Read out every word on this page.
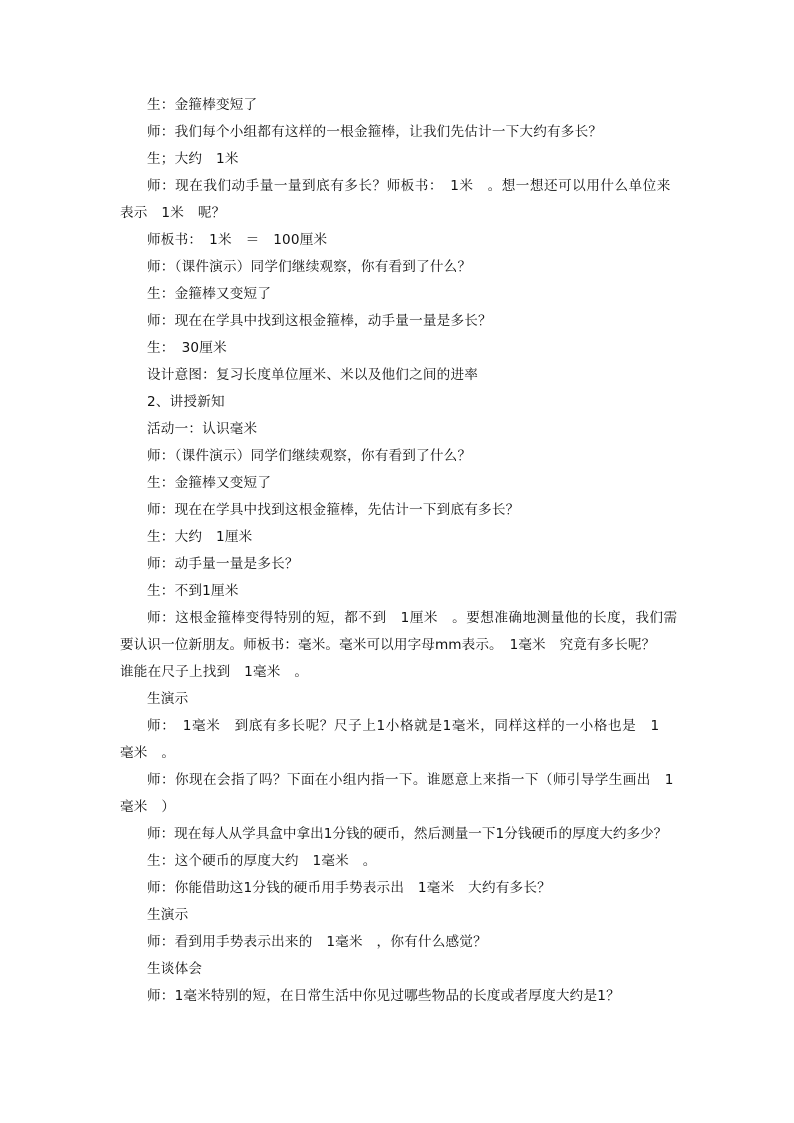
生：金箍棒变短了
师：我们每个小组都有这样的一根金箍棒，让我们先估计一下大约有多长？
生；大约　1米
师：现在我们动手量一量到底有多长？师板书：　1米　。想一想还可以用什么单位来
表示　1米　呢？
师板书：　1米　＝　100厘米
师：（课件演示）同学们继续观察，你有看到了什么？
生：金箍棒又变短了
师：现在在学具中找到这根金箍棒，动手量一量是多长？
生：　30厘米
设计意图：复习长度单位厘米、米以及他们之间的进率
2、讲授新知
活动一：认识毫米
师：（课件演示）同学们继续观察，你有看到了什么？
生：金箍棒又变短了
师：现在在学具中找到这根金箍棒，先估计一下到底有多长？
生：大约　1厘米
师：动手量一量是多长？
生：不到1厘米
师：这根金箍棒变得特别的短，都不到　1厘米　。要想准确地测量他的长度，我们需
要认识一位新朋友。师板书：毫米。毫米可以用字母mm表示。　1毫米　究竟有多长呢？
谁能在尺子上找到　1毫米　。
生演示
师：　1毫米　到底有多长呢？尺子上1小格就是1毫米，同样这样的一小格也是　1
毫米　。
师：你现在会指了吗？下面在小组内指一下。谁愿意上来指一下（师引导学生画出　1
毫米　）
师：现在每人从学具盒中拿出1分钱的硬币，然后测量一下1分钱硬币的厚度大约多少？
生：这个硬币的厚度大约　1毫米　。
师：你能借助这1分钱的硬币用手势表示出　1毫米　大约有多长？
生演示
师：看到用手势表示出来的　1毫米　，你有什么感觉？
生谈体会
师：1毫米特别的短，在日常生活中你见过哪些物品的长度或者厚度大约是1？
